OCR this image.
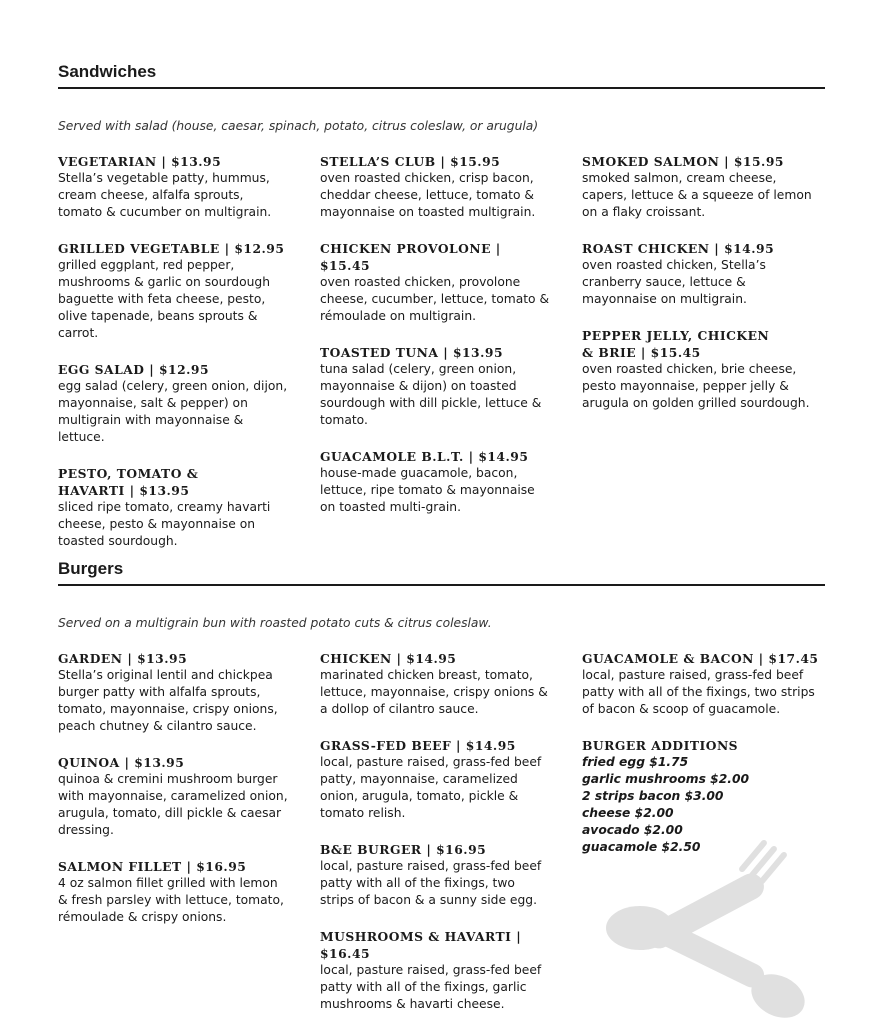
Sandwiches
Served with salad (house, caesar, spinach, potato, citrus coleslaw, or arugula)
VEGETARIAN | $13.95
Stella’s vegetable patty, hummus, cream cheese, alfalfa sprouts, tomato & cucumber on multigrain.
GRILLED VEGETABLE | $12.95
grilled eggplant, red pepper, mushrooms & garlic on sourdough baguette with feta cheese, pesto, olive tapenade, beans sprouts & carrot.
EGG SALAD | $12.95
egg salad (celery, green onion, dijon, mayonnaise, salt & pepper) on multigrain with mayonnaise & lettuce.
PESTO, TOMATO & HAVARTI | $13.95
sliced ripe tomato, creamy havarti cheese, pesto & mayonnaise on toasted sourdough.
STELLA’S CLUB | $15.95
oven roasted chicken, crisp bacon, cheddar cheese, lettuce, tomato & mayonnaise on toasted multigrain.
CHICKEN PROVOLONE | $15.45
oven roasted chicken, provolone cheese, cucumber, lettuce, tomato & rémoulade on multigrain.
TOASTED TUNA | $13.95
tuna salad (celery, green onion, mayonnaise & dijon) on toasted sourdough with dill pickle, lettuce & tomato.
GUACAMOLE B.L.T. | $14.95
house-made guacamole, bacon, lettuce, ripe tomato & mayonnaise on toasted multi-grain.
SMOKED SALMON | $15.95
smoked salmon, cream cheese, capers, lettuce & a squeeze of lemon on a flaky croissant.
ROAST CHICKEN | $14.95
oven roasted chicken, Stella’s cranberry sauce, lettuce & mayonnaise on multigrain.
PEPPER JELLY, CHICKEN & BRIE | $15.45
oven roasted chicken, brie cheese, pesto mayonnaise, pepper jelly & arugula on golden grilled sourdough.
Burgers
Served on a multigrain bun with roasted potato cuts & citrus coleslaw.
GARDEN | $13.95
Stella’s original lentil and chickpea burger patty with alfalfa sprouts, tomato, mayonnaise, crispy onions, peach chutney & cilantro sauce.
QUINOA | $13.95
quinoa & cremini mushroom burger with mayonnaise, caramelized onion, arugula, tomato, dill pickle & caesar dressing.
SALMON FILLET | $16.95
4 oz salmon fillet grilled with lemon & fresh parsley with lettuce, tomato, rémoulade & crispy onions.
CHICKEN | $14.95
marinated chicken breast, tomato, lettuce, mayonnaise, crispy onions & a dollop of cilantro sauce.
GRASS-FED BEEF | $14.95
local, pasture raised, grass-fed beef patty, mayonnaise, caramelized onion, arugula, tomato, pickle & tomato relish.
B&E BURGER | $16.95
local, pasture raised, grass-fed beef patty with all of the fixings, two strips of bacon & a sunny side egg.
MUSHROOMS & HAVARTI | $16.45
local, pasture raised, grass-fed beef patty with all of the fixings, garlic mushrooms & havarti cheese.
GUACAMOLE & BACON | $17.45
local, pasture raised, grass-fed beef patty with all of the fixings, two strips of bacon & scoop of guacamole.
BURGER ADDITIONS
fried egg $1.75
garlic mushrooms $2.00
2 strips bacon $3.00
cheese $2.00
avocado $2.00
guacamole $2.50
